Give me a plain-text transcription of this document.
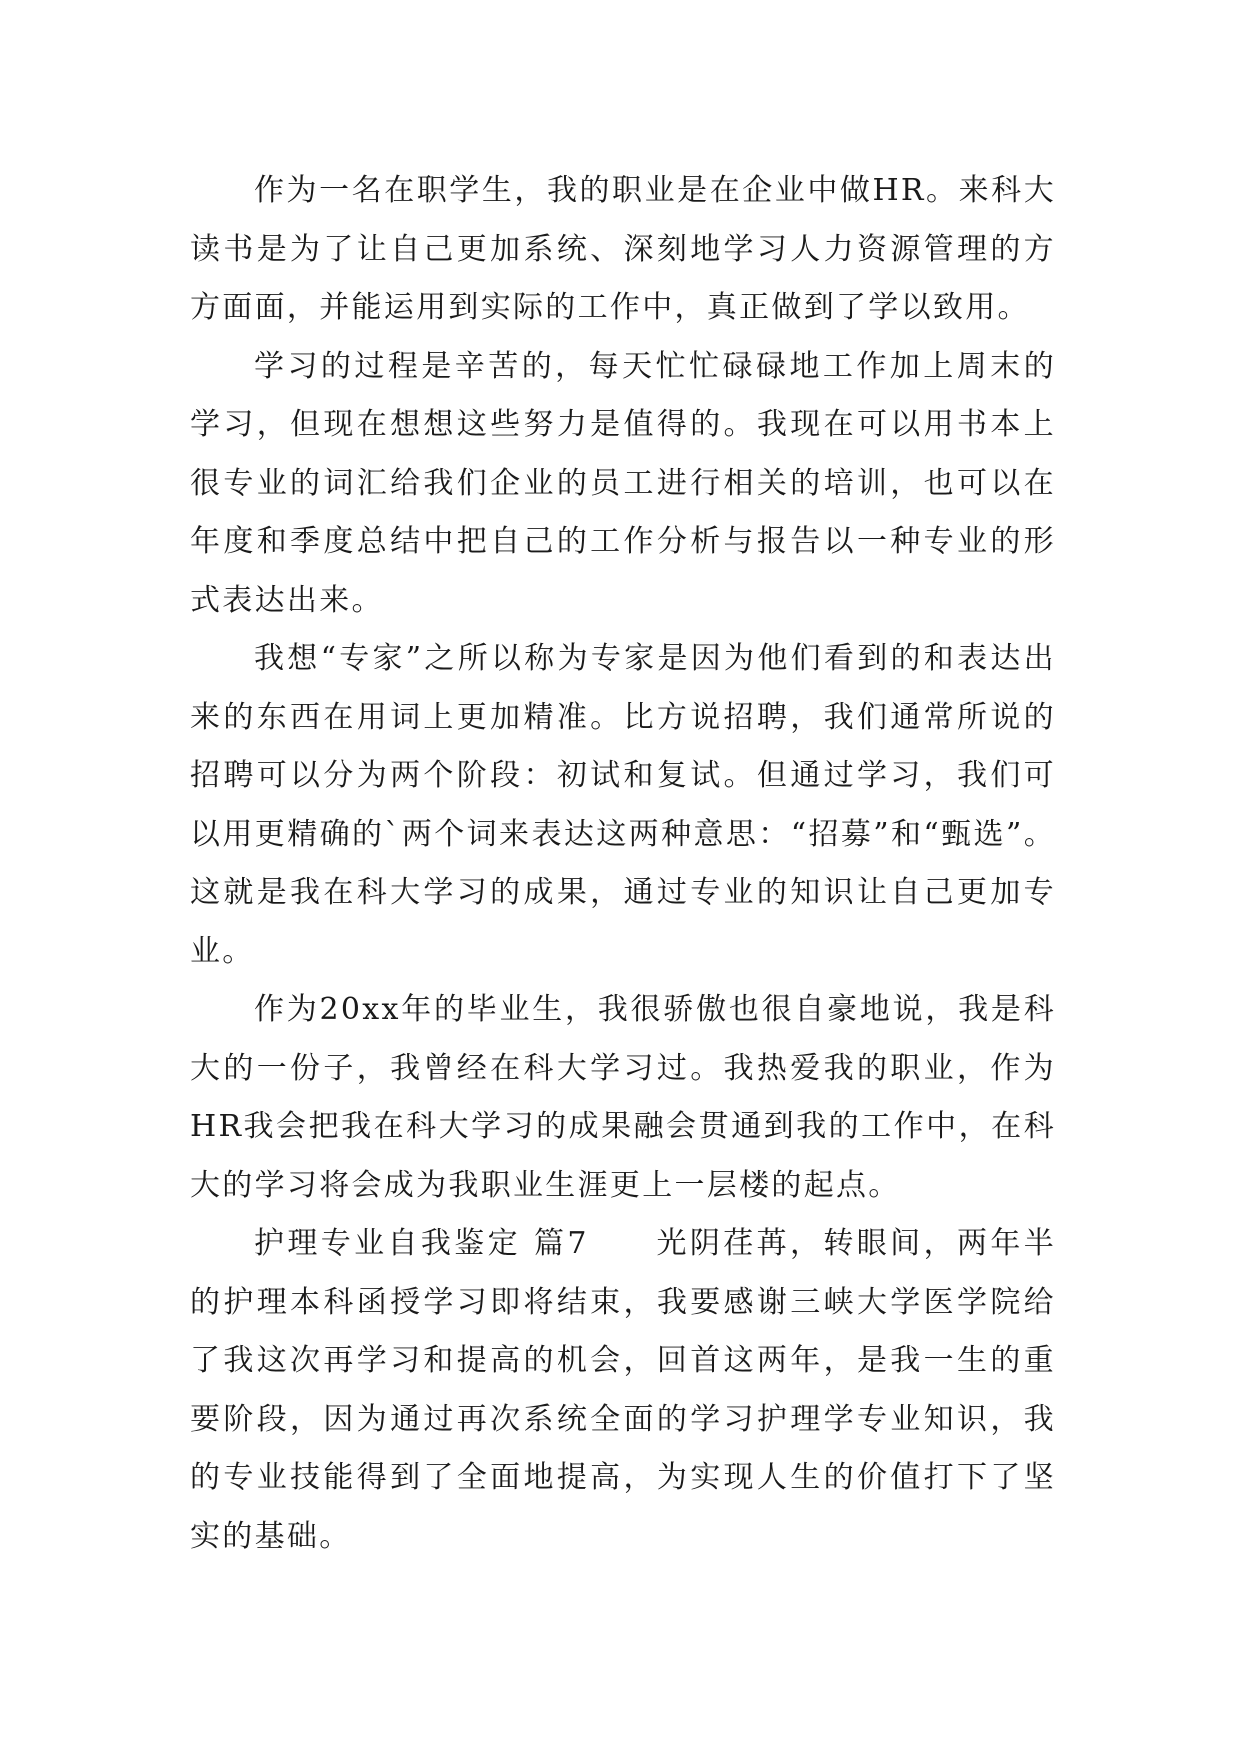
作为一名在职学生，我的职业是在企业中做HR。来科大读书是为了让自己更加系统、深刻地学习人力资源管理的方方面面，并能运用到实际的工作中，真正做到了学以致用。

学习的过程是辛苦的，每天忙忙碌碌地工作加上周末的学习，但现在想想这些努力是值得的。我现在可以用书本上很专业的词汇给我们企业的员工进行相关的培训，也可以在年度和季度总结中把自己的工作分析与报告以一种专业的形式表达出来。

我想“专家”之所以称为专家是因为他们看到的和表达出来的东西在用词上更加精准。比方说招聘，我们通常所说的招聘可以分为两个阶段：初试和复试。但通过学习，我们可以用更精确的`两个词来表达这两种意思：“招募”和“甄选”。这就是我在科大学习的成果，通过专业的知识让自己更加专业。

作为20xx年的毕业生，我很骄傲也很自豪地说，我是科大的一份子，我曾经在科大学习过。我热爱我的职业，作为HR我会把我在科大学习的成果融会贯通到我的工作中，在科大的学习将会成为我职业生涯更上一层楼的起点。

护理专业自我鉴定 篇7　　光阴荏苒，转眼间，两年半的护理本科函授学习即将结束，我要感谢三峡大学医学院给了我这次再学习和提高的机会，回首这两年，是我一生的重要阶段，因为通过再次系统全面的学习护理学专业知识，我的专业技能得到了全面地提高，为实现人生的价值打下了坚实的基础。
